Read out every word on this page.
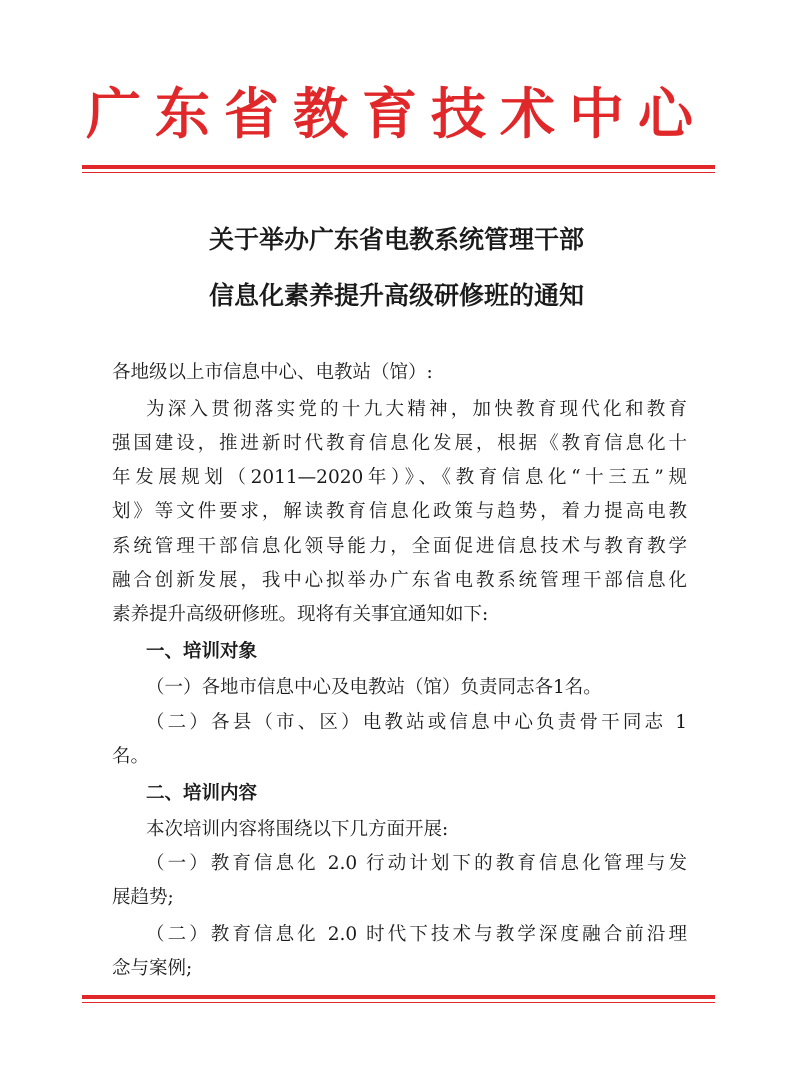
广东省教育技术中心
关于举办广东省电教系统管理干部
信息化素养提升高级研修班的通知
各地级以上市信息中心、电教站（馆）:
为深入贯彻落实党的十九大精神，加快教育现代化和教育
强国建设，推进新时代教育信息化发展，根据《教育信息化十
年发展规划（2011—2020年）》、《教育信息化“十三五”规
划》等文件要求，解读教育信息化政策与趋势，着力提高电教
系统管理干部信息化领导能力，全面促进信息技术与教育教学
融合创新发展，我中心拟举办广东省电教系统管理干部信息化
素养提升高级研修班。现将有关事宜通知如下:
一、培训对象
（一）各地市信息中心及电教站（馆）负责同志各1名。
（二）各县（市、区）电教站或信息中心负责骨干同志 1
名。
二、培训内容
本次培训内容将围绕以下几方面开展:
（一）教育信息化 2.0 行动计划下的教育信息化管理与发
展趋势;
（二）教育信息化 2.0 时代下技术与教学深度融合前沿理
念与案例;
